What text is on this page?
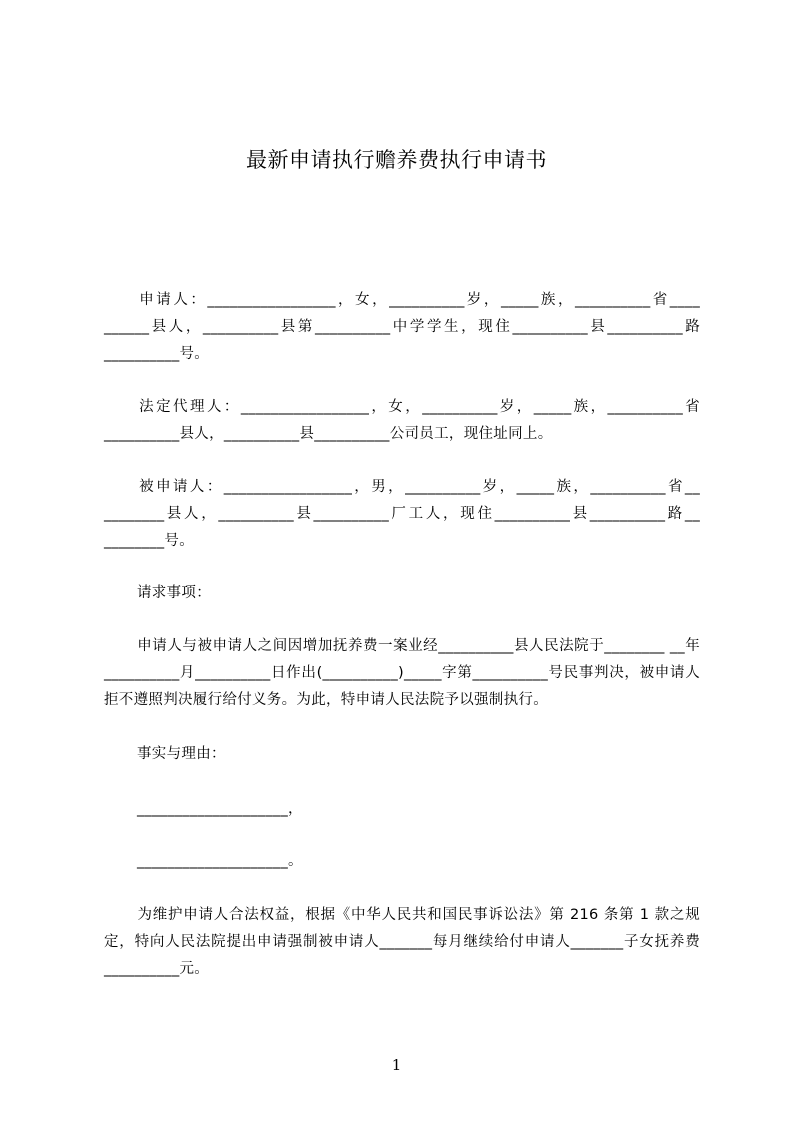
最新申请执行赡养费执行申请书
申请人：_________________，女，__________岁，_____族，__________省____ ______县人，__________县第__________中学学生，现住__________县__________路__________号。
法定代理人：_________________，女，__________岁，_____族，__________省__________县人，__________县__________公司员工，现住址同上。
被申请人：_________________，男，__________岁，_____族，__________省__ ________县人，__________县__________厂工人，现住__________县__________路__ ________号。
请求事项：
申请人与被申请人之间因增加抚养费一案业经__________县人民法院于________ __年__________月__________日作出(__________)_____字第__________号民事判决，被申请人拒不遵照判决履行给付义务。为此，特申请人民法院予以强制执行。
事实与理由：
____________________，
____________________。
为维护申请人合法权益，根据《中华人民共和国民事诉讼法》第 216 条第 1 款之规定，特向人民法院提出申请强制被申请人_______每月继续给付申请人_______子女抚养费__________元。
1
